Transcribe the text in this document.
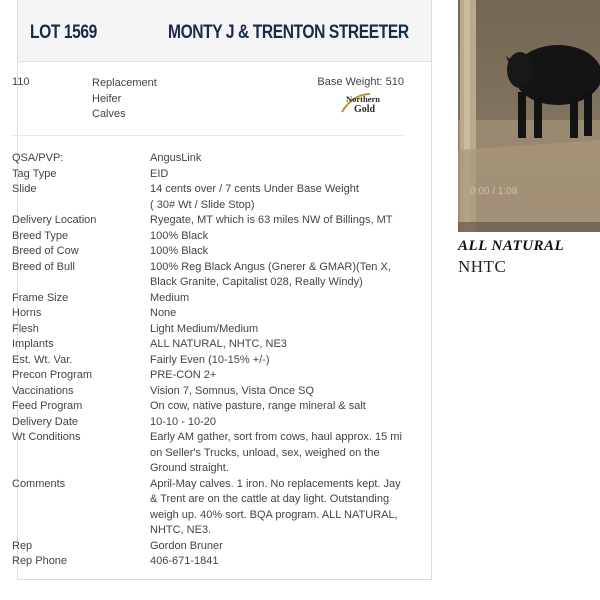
LOT 1569	MONTY J & TRENTON STREETER
110	Replacement
Heifer
Calves
Base Weight: 510
Northern
Gold
QSA/PVP:	AngusLink
Tag Type	EID
Slide	14 cents over / 7 cents Under Base Weight
( 30# Wt / Slide Stop)
Delivery Location	Ryegate, MT which is 63 miles NW of Billings, MT
Breed Type	100% Black
Breed of Cow	100% Black
Breed of Bull	100% Reg Black Angus (Gnerer & GMAR)(Ten X,
Black Granite, Capitalist 028, Really Windy)
Frame Size	Medium
Horns	None
Flesh	Light Medium/Medium
Implants	ALL NATURAL, NHTC, NE3
Est. Wt. Var.	Fairly Even (10-15% +/-)
Precon Program	PRE-CON 2+
Vaccinations	Vision 7, Somnus, Vista Once SQ
Feed Program	On cow, native pasture, range mineral & salt
Delivery Date	10-10 - 10-20
Wt Conditions	Early AM gather, sort from cows, haul approx. 15 mi
on Seller's Trucks, unload, sex, weighed on the
Ground straight.
Comments	April-May calves. 1 iron. No replacements kept. Jay
& Trent are on the cattle at day light. Outstanding
weigh up. 40% sort. BQA program. ALL NATURAL,
NHTC, NE3.
Rep	Gordon Bruner
Rep Phone	406-671-1841
0:00 / 1:08
ALL NATURAL
NHTC
